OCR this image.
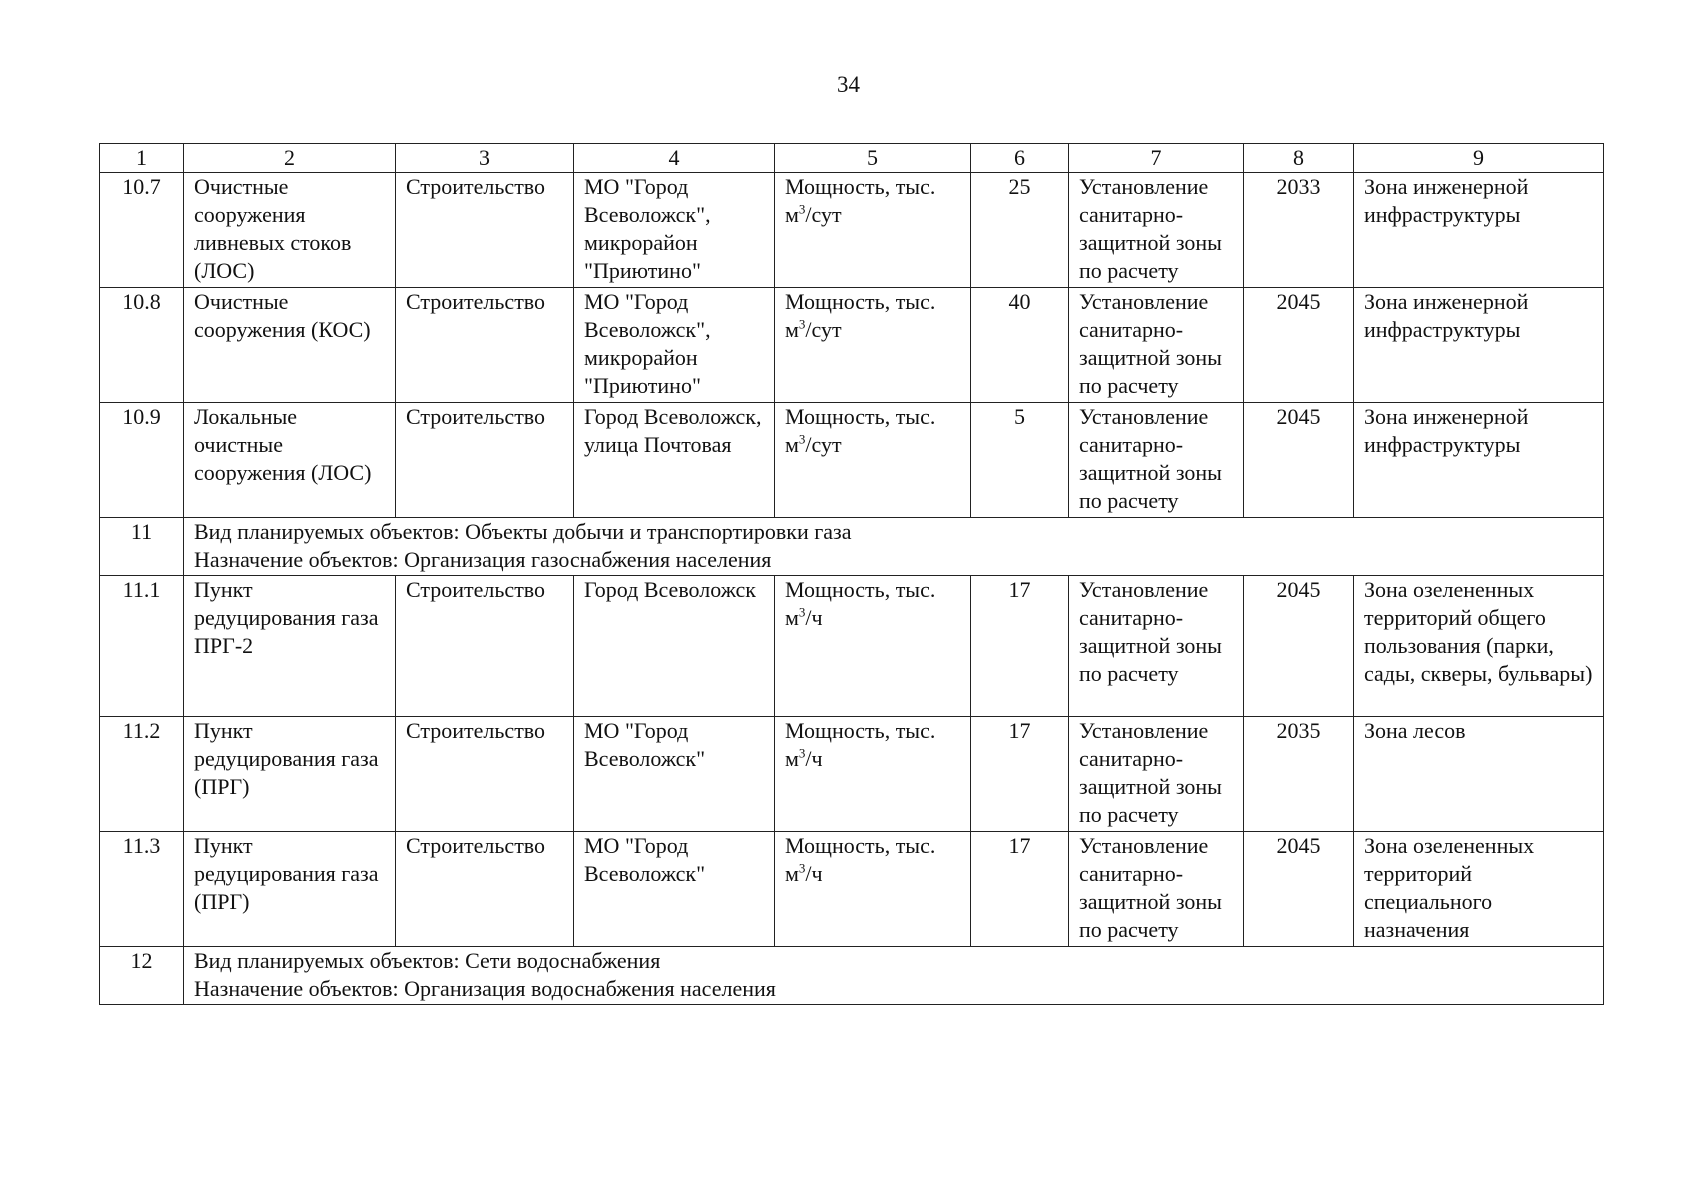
34
1	2	3	4	5	6	7	8	9
10.7	Очистные сооружения ливневых стоков (ЛОС)	Строительство	МО "Город Всеволожск", микрорайон "Приютино"	Мощность, тыс. $м^3$/сут	25	Установление санитарно-защитной зоны по расчету	2033	Зона инженерной инфраструктуры
10.8	Очистные сооружения (КОС)	Строительство	МО "Город Всеволожск", микрорайон "Приютино"	Мощность, тыс. $м^3$/сут	40	Установление санитарно-защитной зоны по расчету	2045	Зона инженерной инфраструктуры
10.9	Локальные очистные сооружения (ЛОС)	Строительство	Город Всеволожск, улица Почтовая	Мощность, тыс. $м^3$/сут	5	Установление санитарно-защитной зоны по расчету	2045	Зона инженерной инфраструктуры
11	Вид планируемых объектов: Объекты добычи и транспортировки газа
Назначение объектов: Организация газоснабжения населения							

11.1	Пункт редуцирования газа ПРГ-2	Строительство	Город Всеволожск	Мощность, тыс. $м^3/ч$	17	Установление санитарно-защитной зоны по расчету	2045	Зона озелененных территорий общего пользования (парки, сады, скверы, бульвары)
11.2	Пункт редуцирования газа (ПРГ)	Строительство	МО "Город Всеволожск"	Мощность, тыс. $м^3/ч$	17	Установление санитарно-защитной зоны по расчету	2035	Зона лесов
11.3	Пункт редуцирования газа (ПРГ)	Строительство	МО "Город Всеволожск"	Мощность, тыс. $м^3/ч$	17	Установление санитарно-защитной зоны по расчету	2045	Зона озелененных территорий специального назначения
12	Вид планируемых объектов: Сети водоснабжения
Назначение объектов: Организация водоснабжения населения							
